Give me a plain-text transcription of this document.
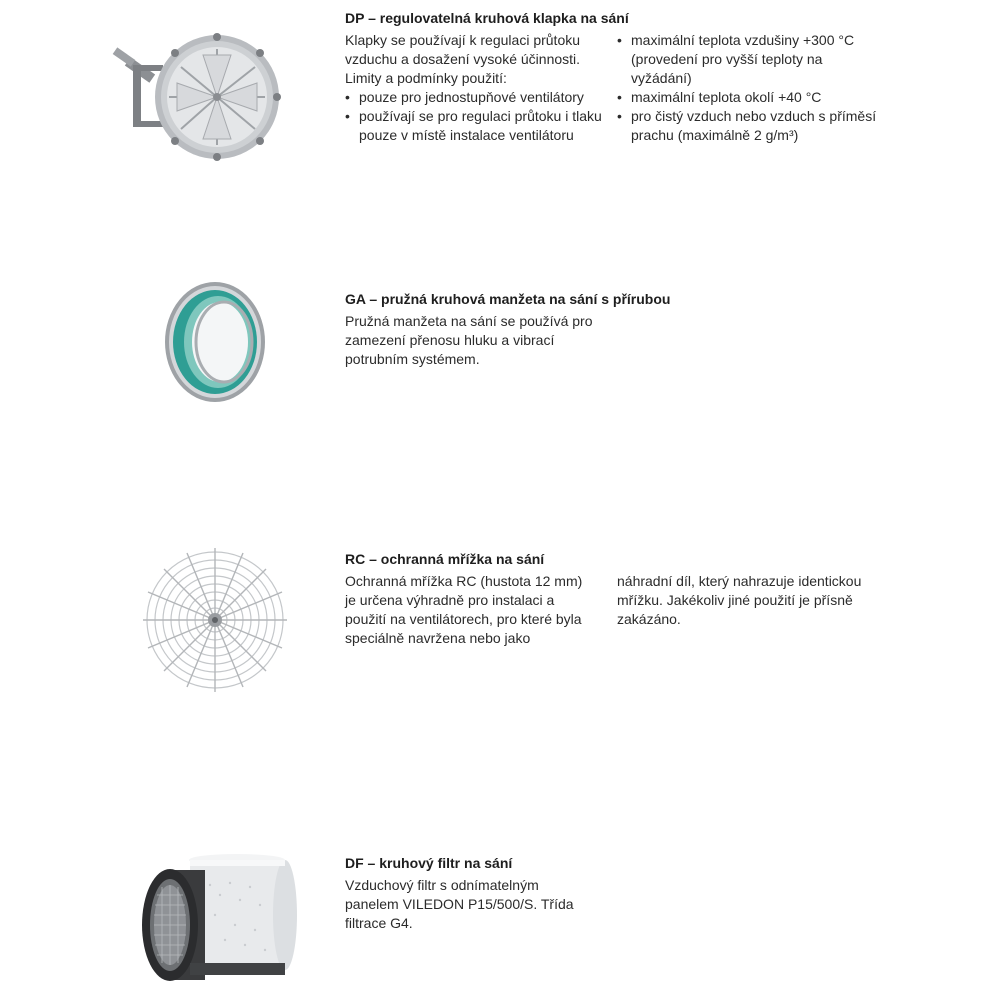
DP – regulovatelná kruhová klapka na sání

Klapky se používají k regulaci průtoku vzduchu a dosažení vysoké účinnosti.

Limity a podmínky použití:

• pouze pro jednostupňové ventilátory
• používají se pro regulaci průtoku i tlaku pouze v místě instalace ventilátoru
• maximální teplota vzdušiny +300 °C (provedení pro vyšší teploty na vyžádání)
• maximální teplota okolí +40 °C
• pro čistý vzduch nebo vzduch s příměsí prachu (maximálně 2 g/m³)

GA – pružná kruhová manžeta na sání s přírubou

Pružná manžeta na sání se používá pro zamezení přenosu hluku a vibrací potrubním systémem.

RC – ochranná mřížka na sání

Ochranná mřížka RC (hustota 12 mm) je určena výhradně pro instalaci a použití na ventilátorech, pro které byla speciálně navržena nebo jako

náhradní díl, který nahrazuje identickou mřížku. Jakékoliv jiné použití je přísně zakázáno.

DF – kruhový filtr na sání

Vzduchový filtr s odnímatelným panelem VILEDON P15/500/S. Třída filtrace G4.
